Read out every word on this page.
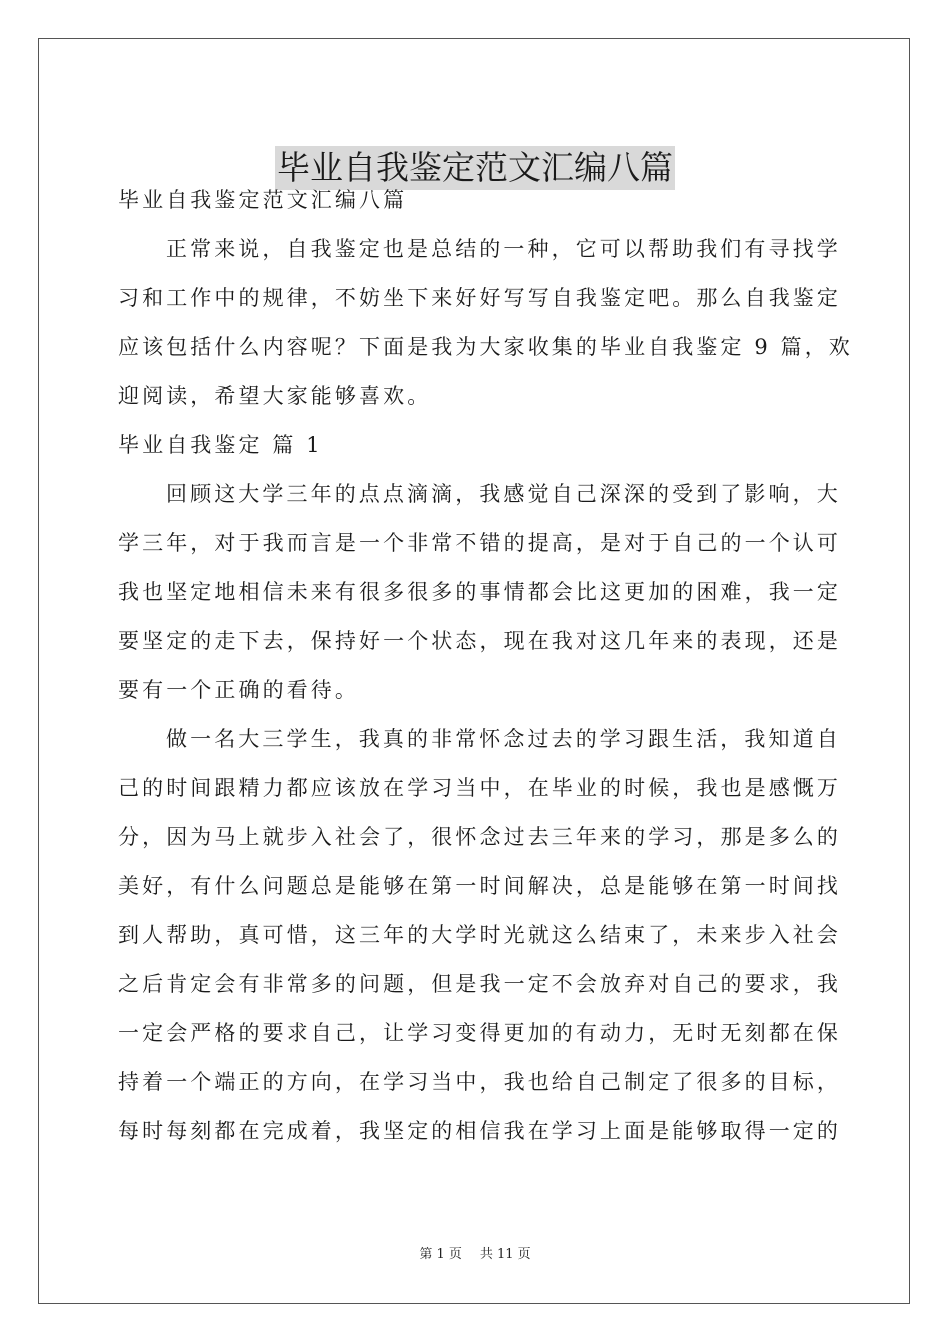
毕业自我鉴定范文汇编八篇
毕业自我鉴定范文汇编八篇
正常来说，自我鉴定也是总结的一种，它可以帮助我们有寻找学
习和工作中的规律，不妨坐下来好好写写自我鉴定吧。那么自我鉴定
应该包括什么内容呢？下面是我为大家收集的毕业自我鉴定 9 篇，欢
迎阅读，希望大家能够喜欢。
毕业自我鉴定 篇 1
回顾这大学三年的点点滴滴，我感觉自己深深的受到了影响，大
学三年，对于我而言是一个非常不错的提高，是对于自己的一个认可
我也坚定地相信未来有很多很多的事情都会比这更加的困难，我一定
要坚定的走下去，保持好一个状态，现在我对这几年来的表现，还是
要有一个正确的看待。
做一名大三学生，我真的非常怀念过去的学习跟生活，我知道自
己的时间跟精力都应该放在学习当中，在毕业的时候，我也是感慨万
分，因为马上就步入社会了，很怀念过去三年来的学习，那是多么的
美好，有什么问题总是能够在第一时间解决，总是能够在第一时间找
到人帮助，真可惜，这三年的大学时光就这么结束了，未来步入社会
之后肯定会有非常多的问题，但是我一定不会放弃对自己的要求，我
一定会严格的要求自己，让学习变得更加的有动力，无时无刻都在保
持着一个端正的方向，在学习当中，我也给自己制定了很多的目标，
每时每刻都在完成着，我坚定的相信我在学习上面是能够取得一定的
第 1 页 共 11 页
